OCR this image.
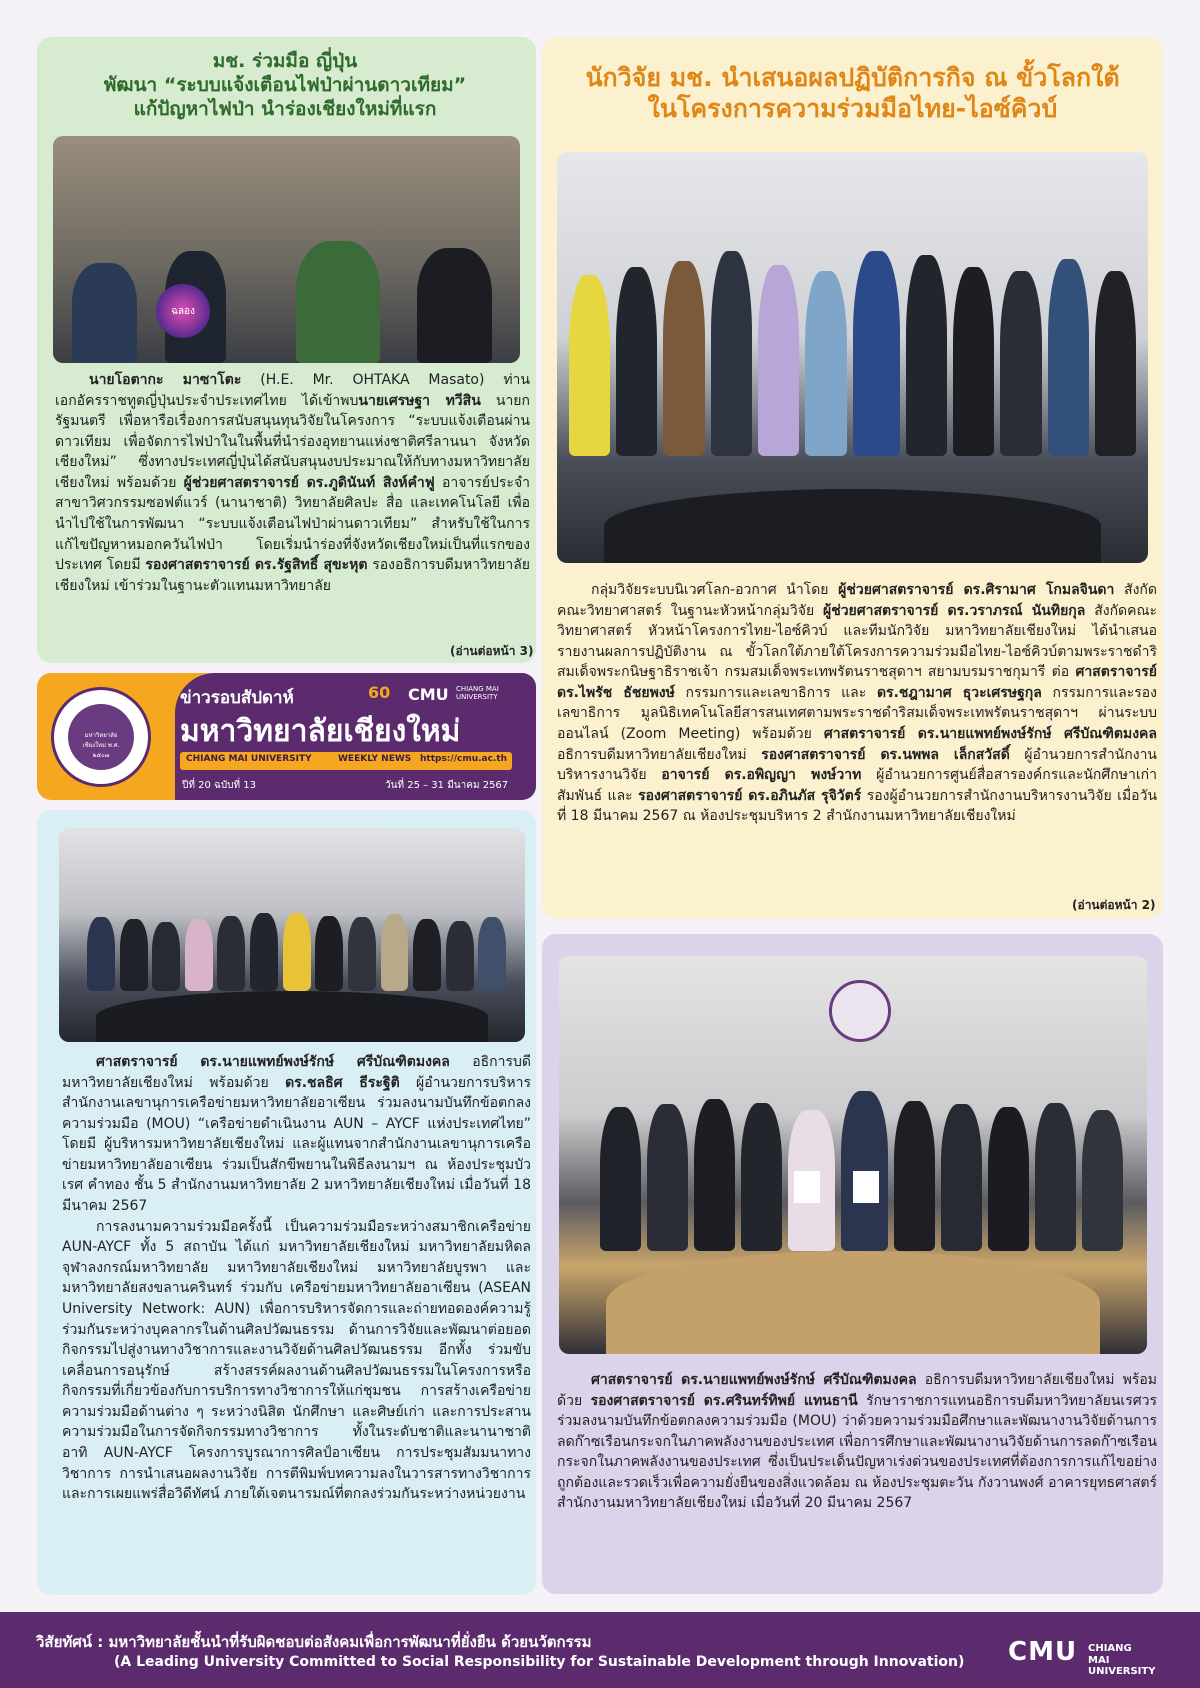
มช. ร่วมมือ ญี่ปุ่น
พัฒนา “ระบบแจ้งเตือนไฟป่าผ่านดาวเทียม”
แก้ปัญหาไฟป่า นำร่องเชียงใหม่ที่แรก
ฉลอง
นายโอตากะ มาซาโตะ (H.E. Mr. OHTAKA Masato) ท่านเอกอัครราชทูตญี่ปุ่นประจำประเทศไทย ได้เข้าพบนายเศรษฐา ทวีสิน นายกรัฐมนตรี เพื่อหารือเรื่องการสนับสนุนทุนวิจัยในโครงการ “ระบบแจ้งเตือนผ่านดาวเทียม เพื่อจัดการไฟป่าในในพื้นที่นำร่องอุทยานแห่งชาติศรีลานนา จังหวัดเชียงใหม่” ซึ่งทางประเทศญี่ปุ่นได้สนับสนุนงบประมาณให้กับทางมหาวิทยาลัยเชียงใหม่ พร้อมด้วย ผู้ช่วยศาสตราจารย์ ดร.ภูดินันท์ สิงห์คำฟู อาจารย์ประจำสาขาวิศวกรรมซอฟต์แวร์ (นานาชาติ) วิทยาลัยศิลปะ สื่อ และเทคโนโลยี เพื่อนำไปใช้ในการพัฒนา “ระบบแจ้งเตือนไฟป่าผ่านดาวเทียม” สำหรับใช้ในการแก้ไขปัญหาหมอกควันไฟป่า โดยเริ่มนำร่องที่จังหวัดเชียงใหม่เป็นที่แรกของประเทศ โดยมี รองศาสตราจารย์ ดร.รัฐสิทธิ์ สุขะหุต รองอธิการบดีมหาวิทยาลัยเชียงใหม่ เข้าร่วมในฐานะตัวแทนมหาวิทยาลัย
(อ่านต่อหน้า 3)
นักวิจัย มช. นำเสนอผลปฏิบัติการกิจ ณ ขั้วโลกใต้
ในโครงการความร่วมมือไทย-ไอซ์คิวบ์
กลุ่มวิจัยระบบนิเวศโลก-อวกาศ นำโดย ผู้ช่วยศาสตราจารย์ ดร.ศิรามาศ โกมลจินดา สังกัดคณะวิทยาศาสตร์ ในฐานะหัวหน้ากลุ่มวิจัย ผู้ช่วยศาสตราจารย์ ดร.วราภรณ์ นันทิยกุล สังกัดคณะวิทยาศาสตร์ หัวหน้าโครงการไทย-ไอซ์คิวบ์ และทีมนักวิจัย มหาวิทยาลัยเชียงใหม่ ได้นำเสนอรายงานผลการปฏิบัติงาน ณ ขั้วโลกใต้ภายใต้โครงการความร่วมมือไทย-ไอซ์คิวบ์ตามพระราชดำริสมเด็จพระกนิษฐาธิราชเจ้า กรมสมเด็จพระเทพรัตนราชสุดาฯ สยามบรมราชกุมารี ต่อ ศาสตราจารย์ ดร.ไพรัช ธัชยพงษ์ กรรมการและเลขาธิการ และ ดร.ชฎามาศ ธุวะเศรษฐกุล กรรมการและรองเลขาธิการ มูลนิธิเทคโนโลยีสารสนเทศตามพระราชดำริสมเด็จพระเทพรัตนราชสุดาฯ ผ่านระบบออนไลน์ (Zoom Meeting) พร้อมด้วย ศาสตราจารย์ ดร.นายแพทย์พงษ์รักษ์ ศรีบัณฑิตมงคล อธิการบดีมหาวิทยาลัยเชียงใหม่ รองศาสตราจารย์ ดร.นพพล เล็กสวัสดิ์ ผู้อำนวยการสำนักงานบริหารงานวิจัย อาจารย์ ดร.อพิญญา พงษ์วาท ผู้อำนวยการศูนย์สื่อสารองค์กรและนักศึกษาเก่าสัมพันธ์ และ รองศาสตราจารย์ ดร.อภินภัส รุจิวัตร์ รองผู้อำนวยการสำนักงานบริหารงานวิจัย เมื่อวันที่ 18 มีนาคม 2567 ณ ห้องประชุมบริหาร 2 สำนักงานมหาวิทยาลัยเชียงใหม่
(อ่านต่อหน้า 2)
มหาวิทยาลัยเชียงใหม่ พ.ศ. ๒๕๐๗
ข่าวรอบสัปดาห์
มหาวิทยาลัยเชียงใหม่
60 CMU CHIANG MAI
UNIVERSITY
CHIANG MAI UNIVERSITY	WEEKLY NEWS https://cmu.ac.th
ปีที่ 20 ฉบับที่ 13	วันที่ 25 – 31 มีนาคม 2567
ศาสตราจารย์ ดร.นายแพทย์พงษ์รักษ์ ศรีบัณฑิตมงคล อธิการบดีมหาวิทยาลัยเชียงใหม่ พร้อมด้วย ดร.ชลธิศ ธีระฐิติ ผู้อำนวยการบริหารสำนักงานเลขานุการเครือข่ายมหาวิทยาลัยอาเซียน ร่วมลงนามบันทึกข้อตกลงความร่วมมือ (MOU) “เครือข่ายดำเนินงาน AUN – AYCF แห่งประเทศไทย” โดยมี ผู้บริหารมหาวิทยาลัยเชียงใหม่ และผู้แทนจากสำนักงานเลขานุการเครือข่ายมหาวิทยาลัยอาเซียน ร่วมเป็นสักขีพยานในพิธีลงนามฯ ณ ห้องประชุมบัวเรศ คำทอง ชั้น 5 สำนักงานมหาวิทยาลัย 2 มหาวิทยาลัยเชียงใหม่ เมื่อวันที่ 18 มีนาคม 2567
การลงนามความร่วมมือครั้งนี้ เป็นความร่วมมือระหว่างสมาชิกเครือข่าย AUN-AYCF ทั้ง 5 สถาบัน ได้แก่ มหาวิทยาลัยเชียงใหม่ มหาวิทยาลัยมหิดล จุฬาลงกรณ์มหาวิทยาลัย มหาวิทยาลัยเชียงใหม่ มหาวิทยาลัยบูรพา และมหาวิทยาลัยสงขลานครินทร์ ร่วมกับ เครือข่ายมหาวิทยาลัยอาเซียน (ASEAN University Network: AUN) เพื่อการบริหารจัดการและถ่ายทอดองค์ความรู้ร่วมกันระหว่างบุคลากรในด้านศิลปวัฒนธรรม ด้านการวิจัยและพัฒนาต่อยอดกิจกรรมไปสู่งานทางวิชาการและงานวิจัยด้านศิลปวัฒนธรรม อีกทั้ง ร่วมขับเคลื่อนการอนุรักษ์ สร้างสรรค์ผลงานด้านศิลปวัฒนธรรมในโครงการหรือกิจกรรมที่เกี่ยวข้องกับการบริการทางวิชาการให้แก่ชุมชน การสร้างเครือข่ายความร่วมมือด้านต่าง ๆ ระหว่างนิสิต นักศึกษา และศิษย์เก่า และการประสานความร่วมมือในการจัดกิจกรรมทางวิชาการ ทั้งในระดับชาติและนานาชาติ อาทิ AUN-AYCF โครงการบูรณาการศิลป์อาเซียน การประชุมสัมมนาทางวิชาการ การนำเสนอผลงานวิจัย การตีพิมพ์บทความลงในวารสารทางวิชาการ และการเผยแพร่สื่อวิดีทัศน์ ภายใต้เจตนารมณ์ที่ตกลงร่วมกันระหว่างหน่วยงาน
ศาสตราจารย์ ดร.นายแพทย์พงษ์รักษ์ ศรีบัณฑิตมงคล อธิการบดีมหาวิทยาลัยเชียงใหม่ พร้อมด้วย รองศาสตราจารย์ ดร.ศรินทร์ทิพย์ แทนธานี รักษาราชการแทนอธิการบดีมหาวิทยาลัยนเรศวร ร่วมลงนามบันทึกข้อตกลงความร่วมมือ (MOU) ว่าด้วยความร่วมมือศึกษาและพัฒนางานวิจัยด้านการลดก๊าซเรือนกระจกในภาคพลังงานของประเทศ เพื่อการศึกษาและพัฒนางานวิจัยด้านการลดก๊าซเรือนกระจกในภาคพลังงานของประเทศ ซึ่งเป็นประเด็นปัญหาเร่งด่วนของประเทศที่ต้องการการแก้ไขอย่างถูกต้องและรวดเร็วเพื่อความยั่งยืนของสิ่งแวดล้อม ณ ห้องประชุมตะวัน กังวานพงศ์ อาคารยุทธศาสตร์ สำนักงานมหาวิทยาลัยเชียงใหม่ เมื่อวันที่ 20 มีนาคม 2567
วิสัยทัศน์ : มหาวิทยาลัยชั้นนำที่รับผิดชอบต่อสังคมเพื่อการพัฒนาที่ยั่งยืน ด้วยนวัตกรรม
(A Leading University Committed to Social Responsibility for Sustainable Development through Innovation) CMU CHIANG MAI
UNIVERSITY
